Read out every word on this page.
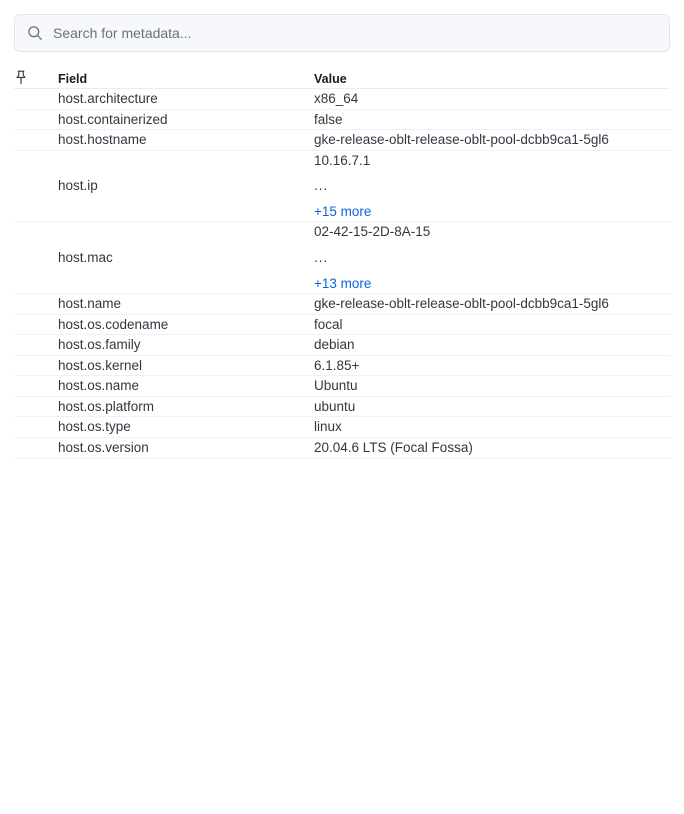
Search for metadata...
	Field	Value
	host.architecture	x86_64
	host.containerized	false
	host.hostname	gke-release-oblt-release-oblt-pool-dcbb9ca1-5gl6
	host.ip	10.16.7.1
...
+15 more

	host.mac	02-42-15-2D-8A-15
...
+13 more

	host.name	gke-release-oblt-release-oblt-pool-dcbb9ca1-5gl6
	host.os.codename	focal
	host.os.family	debian
	host.os.kernel	6.1.85+
	host.os.name	Ubuntu
	host.os.platform	ubuntu
	host.os.type	linux
	host.os.version	20.04.6 LTS (Focal Fossa)
